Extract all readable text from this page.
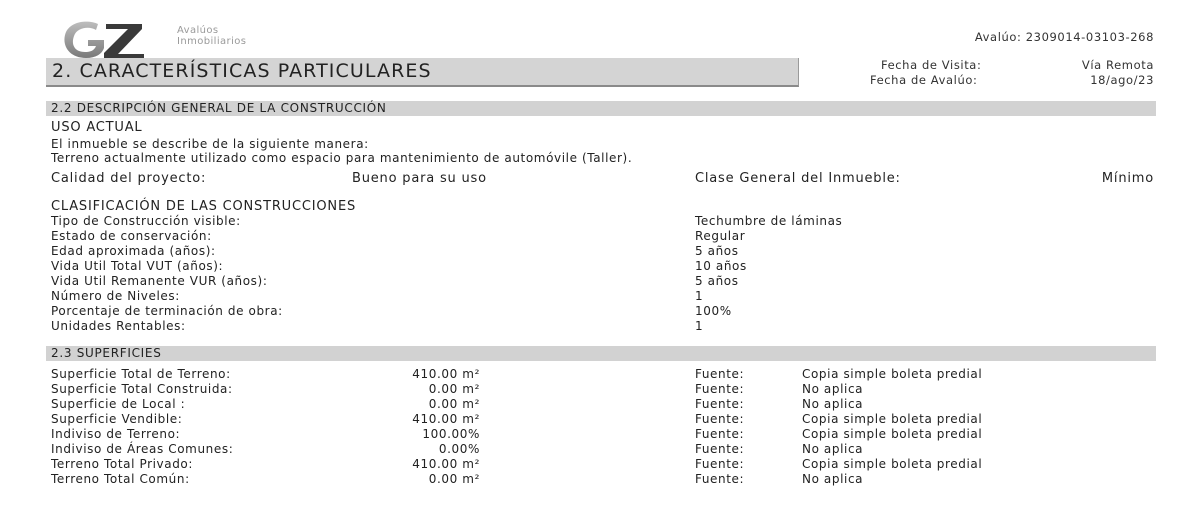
Avalúos
Inmobiliarios	Avalúo: 2309014-03103-268
Fecha de Visita:	Vía Remota
Fecha de Avalúo:	18/ago/23
2. CARACTERÍSTICAS PARTICULARES
2.2 DESCRIPCIÓN GENERAL DE LA CONSTRUCCIÓN
USO ACTUAL
El inmueble se describe de la siguiente manera:
Terreno actualmente utilizado como espacio para mantenimiento de automóvile (Taller).
Calidad del proyecto:	Bueno para su uso	Clase General del Inmueble:	Mínimo
CLASIFICACIÓN DE LAS CONSTRUCCIONES
Tipo de Construcción visible:	Techumbre de láminas
Estado de conservación:	Regular
Edad aproximada (años):	5 años
Vida Util Total VUT (años):	10 años
Vida Util Remanente VUR (años):	5 años
Número de Niveles:	1
Porcentaje de terminación de obra:	100%
Unidades Rentables:	1
2.3 SUPERFICIES
Superficie Total de Terreno:	410.00 m²	Fuente:	Copia simple boleta predial
Superficie Total Construida:	0.00 m²	Fuente:	No aplica
Superficie de Local :	0.00 m²	Fuente:	No aplica
Superficie Vendible:	410.00 m²	Fuente:	Copia simple boleta predial
Indiviso de Terreno:	100.00%	Fuente:	Copia simple boleta predial
Indiviso de Áreas Comunes:	0.00%	Fuente:	No aplica
Terreno Total Privado:	410.00 m²	Fuente:	Copia simple boleta predial
Terreno Total Común:	0.00 m²	Fuente:	No aplica
